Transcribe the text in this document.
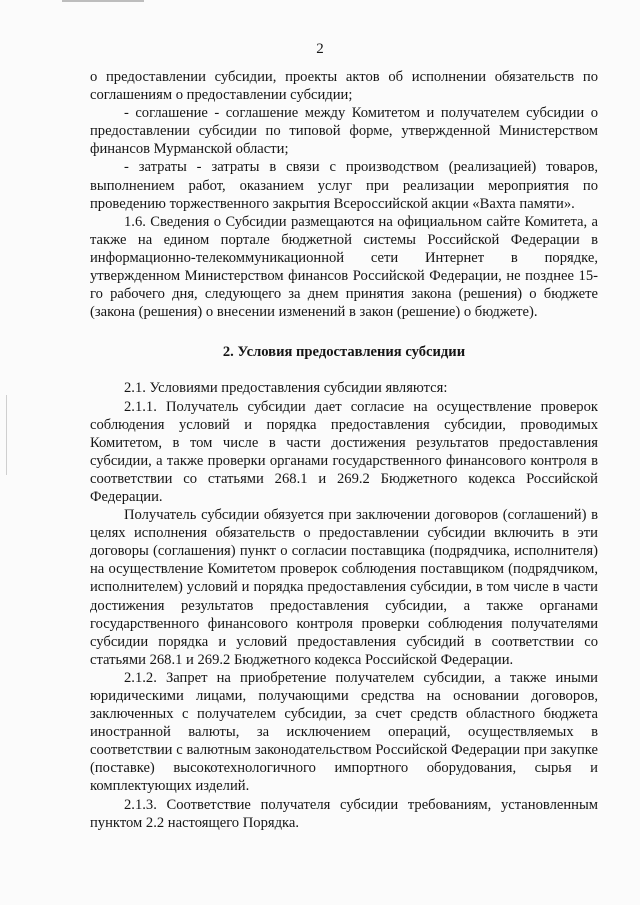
2

о предоставлении субсидии, проекты актов об исполнении обязательств по соглашениям о предоставлении субсидии;

- соглашение - соглашение между Комитетом и получателем субсидии о предоставлении субсидии по типовой форме, утвержденной Министерством финансов Мурманской области;

- затраты - затраты в связи с производством (реализацией) товаров, выполнением работ, оказанием услуг при реализации мероприятия по проведению торжественного закрытия Всероссийской акции «Вахта памяти».

1.6. Сведения о Субсидии размещаются на официальном сайте Комитета, а также на едином портале бюджетной системы Российской Федерации в информационно-телекоммуникационной сети Интернет в порядке, утвержденном Министерством финансов Российской Федерации, не позднее 15-го рабочего дня, следующего за днем принятия закона (решения) о бюджете (закона (решения) о внесении изменений в закон (решение) о бюджете).

2. Условия предоставления субсидии

2.1. Условиями предоставления субсидии являются:

2.1.1. Получатель субсидии дает согласие на осуществление проверок соблюдения условий и порядка предоставления субсидии, проводимых Комитетом, в том числе в части достижения результатов предоставления субсидии, а также проверки органами государственного финансового контроля в соответствии со статьями 268.1 и 269.2 Бюджетного кодекса Российской Федерации.

Получатель субсидии обязуется при заключении договоров (соглашений) в целях исполнения обязательств о предоставлении субсидии включить в эти договоры (соглашения) пункт о согласии поставщика (подрядчика, исполнителя) на осуществление Комитетом проверок соблюдения поставщиком (подрядчиком, исполнителем) условий и порядка предоставления субсидии, в том числе в части достижения результатов предоставления субсидии, а также органами государственного финансового контроля проверки соблюдения получателями субсидии порядка и условий предоставления субсидий в соответствии со статьями 268.1 и 269.2 Бюджетного кодекса Российской Федерации.

2.1.2. Запрет на приобретение получателем субсидии, а также иными юридическими лицами, получающими средства на основании договоров, заключенных с получателем субсидии, за счет средств областного бюджета иностранной валюты, за исключением операций, осуществляемых в соответствии с валютным законодательством Российской Федерации при закупке (поставке) высокотехнологичного импортного оборудования, сырья и комплектующих изделий.

2.1.3. Соответствие получателя субсидии требованиям, установленным пунктом 2.2 настоящего Порядка.
